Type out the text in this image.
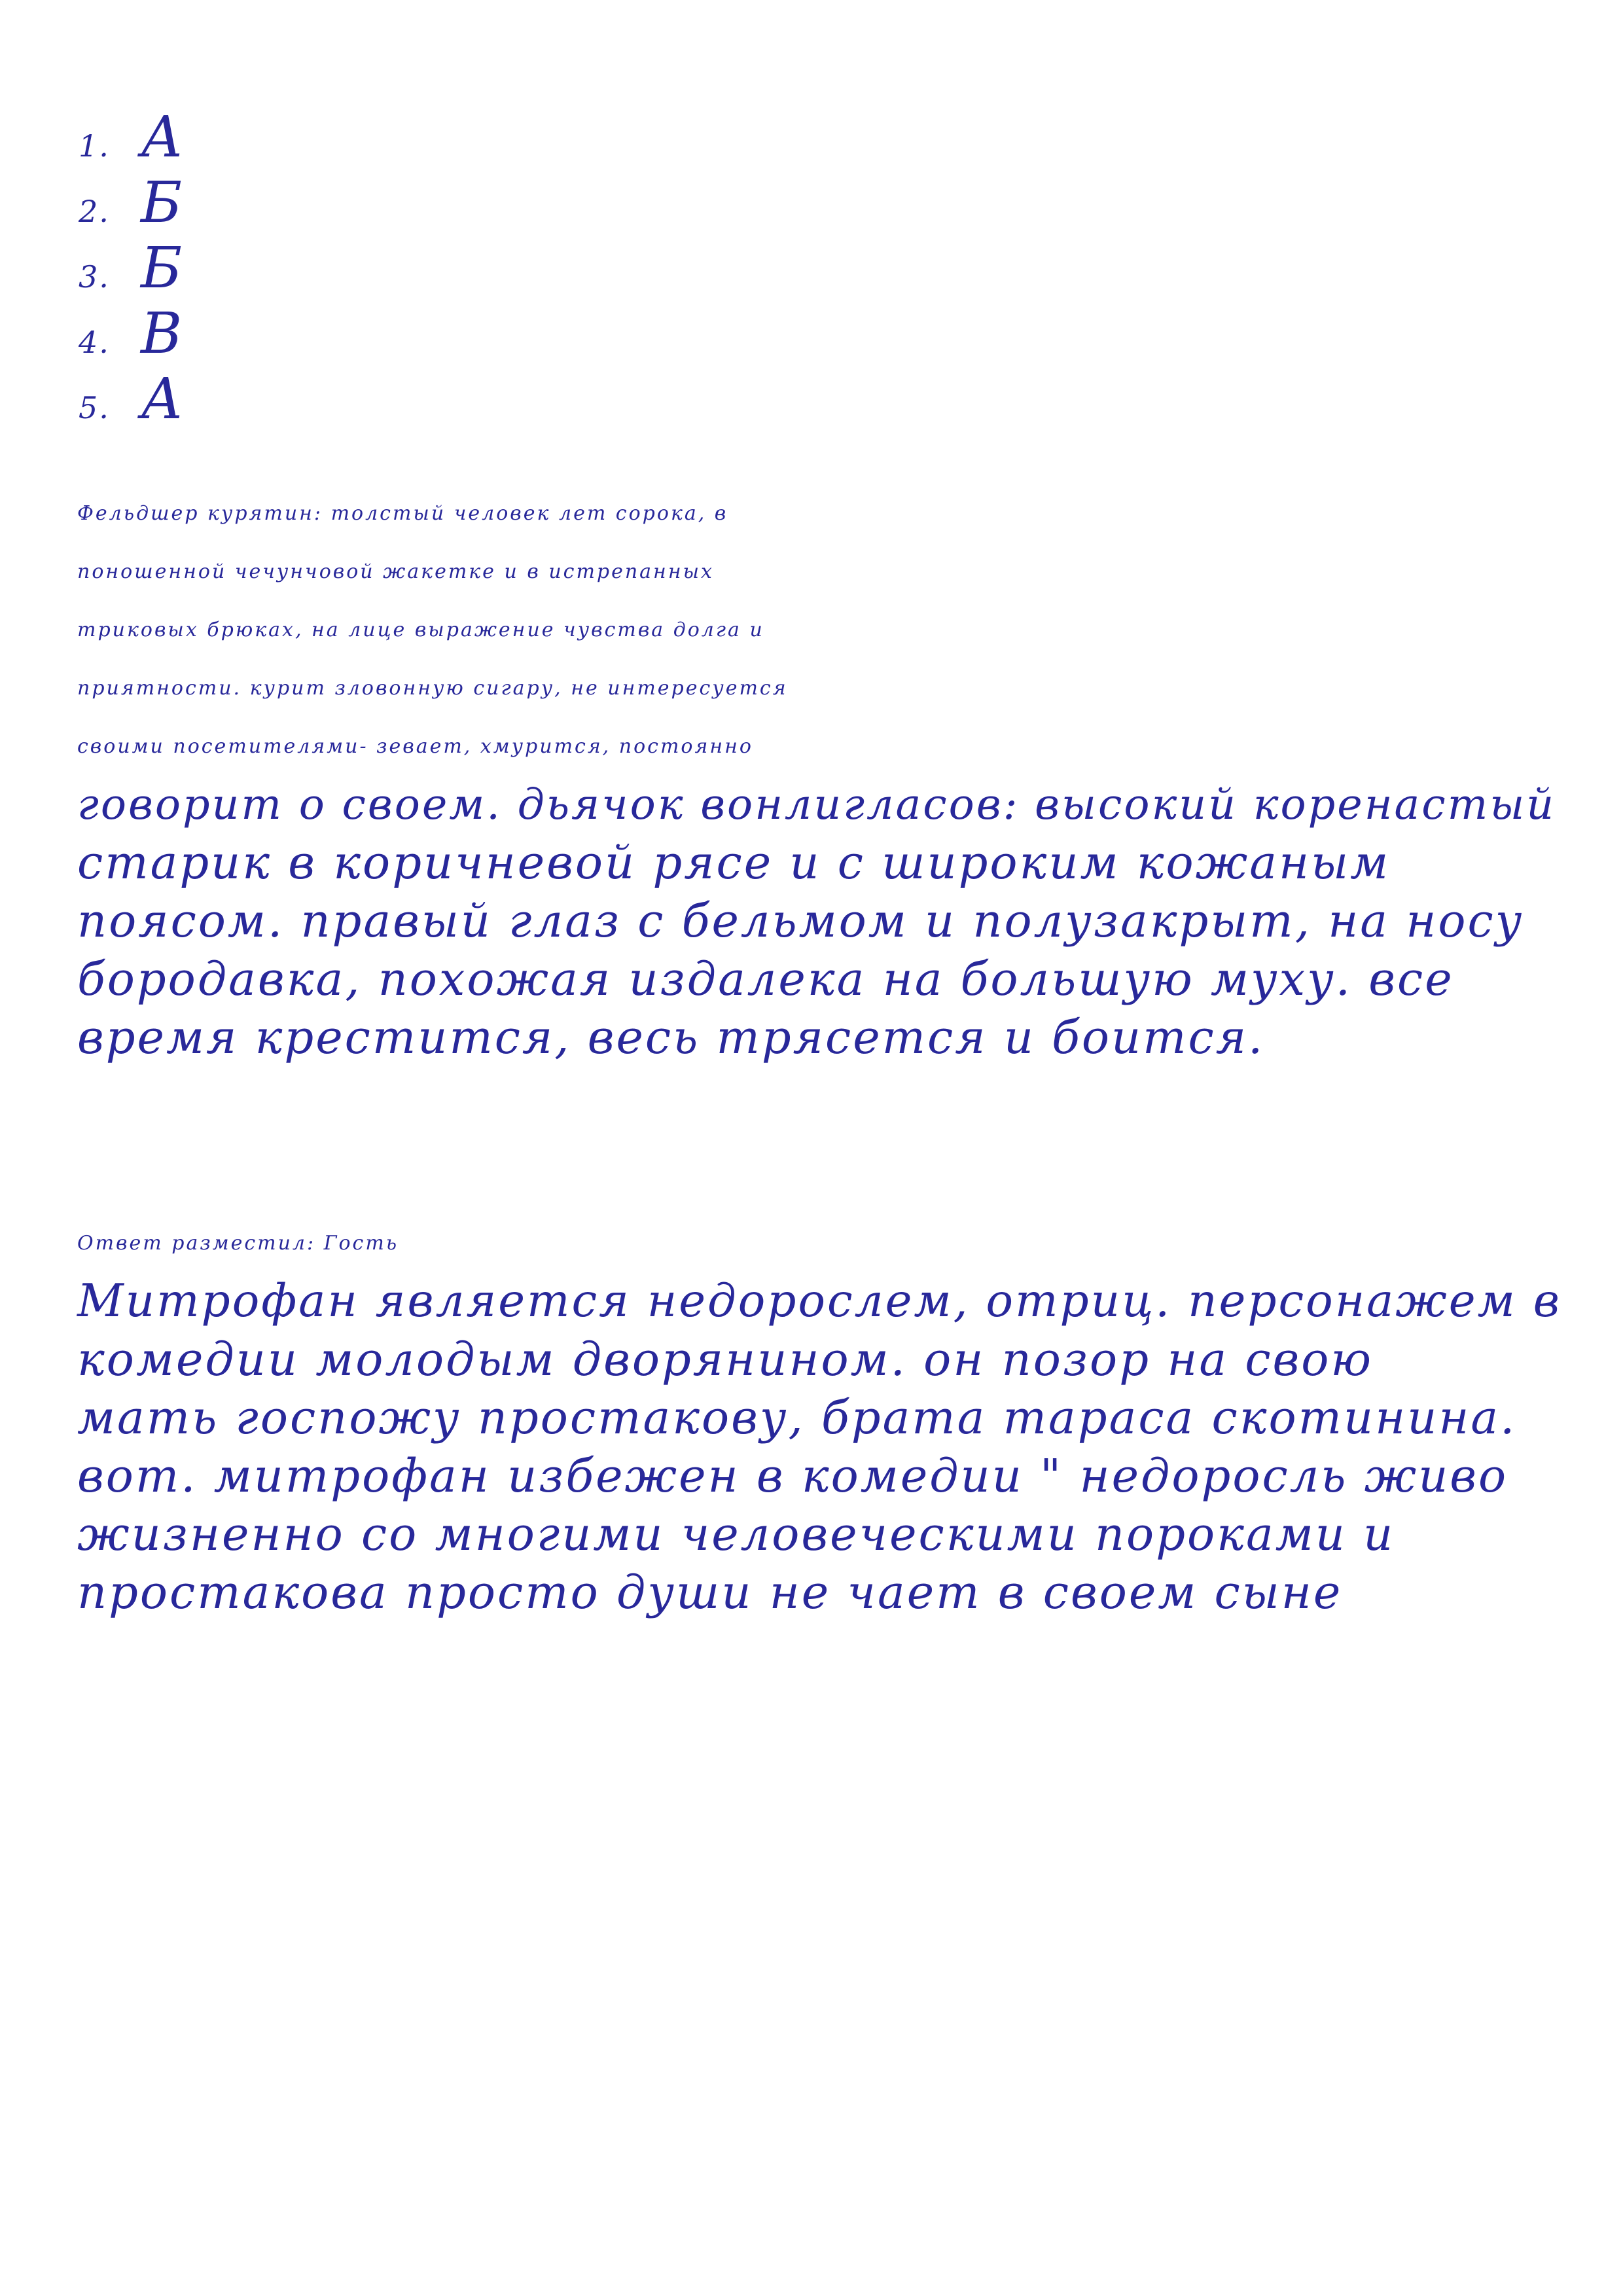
1. А
2. Б
3. Б
4. В
5. А
Фельдшер курятин: толстый человек лет сорока, в
поношенной чечунчовой жакетке и в истрепанных
триковых брюках, на лице выражение чувства долга и
приятности. курит зловонную сигару, не интересуется
своими посетителями- зевает, хмурится, постоянно
говорит о своем. дьячок вонлигласов: высокий коренастый
старик в коричневой рясе и с широким кожаным
поясом. правый глаз с бельмом и полузакрыт, на носу
бородавка, похожая издалека на большую муху. все
время крестится, весь трясется и боится.
Ответ разместил: Гость
Митрофан является недорослем, отриц. персонажем в
комедии молодым дворянином. он позор на свою
мать госпожу простакову, брата тараса скотинина.
вот. митрофан избежен в комедии " недоросль живо
жизненно со многими человеческими пороками и
простакова просто души не чает в своем сыне
